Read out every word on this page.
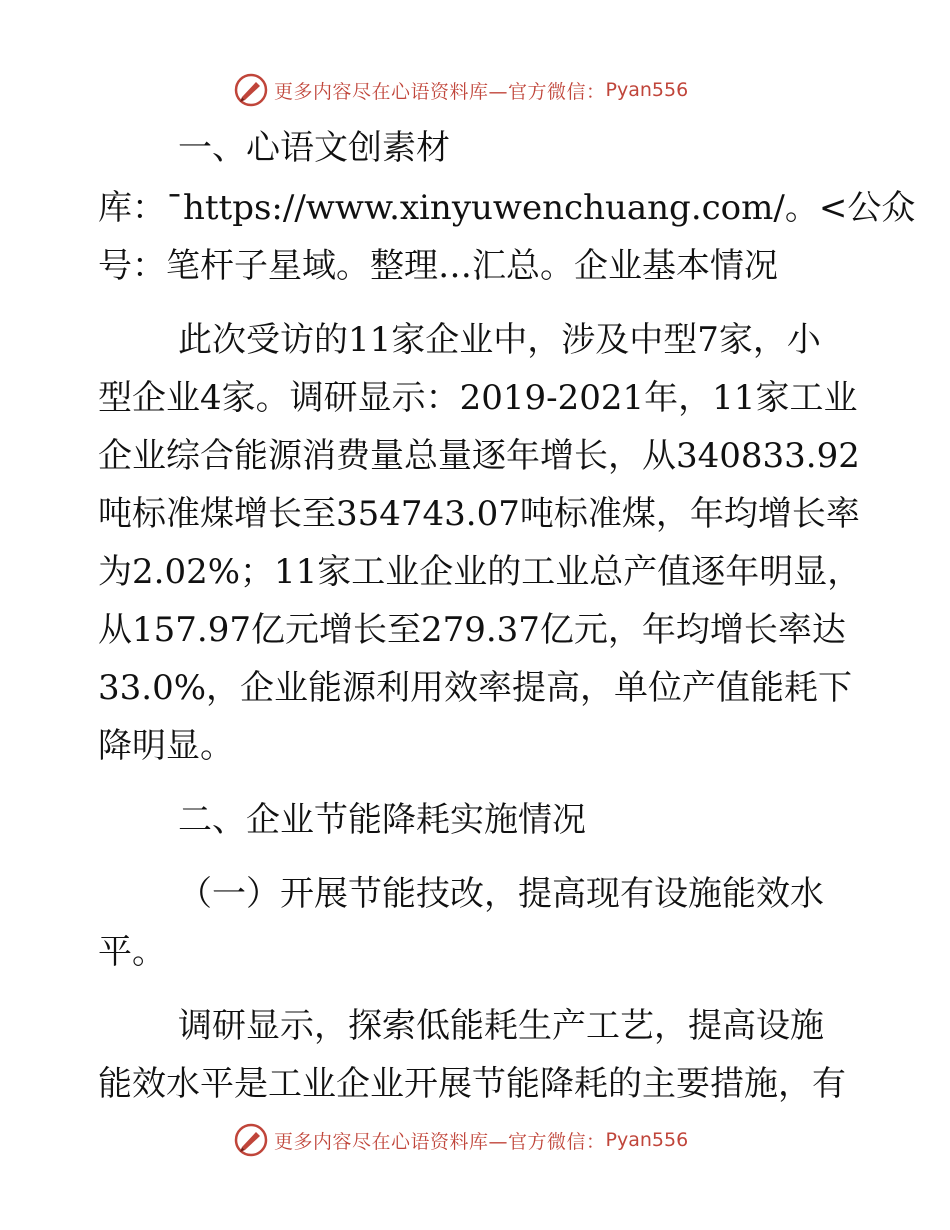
更多内容尽在心语资料库—官方微信： Pyan556
一、心语文创素材
库：¯https://www.xinyuwenchuang.com/。<公众
号：笔杆子星域。整理…汇总。企业基本情况
此次受访的11家企业中，涉及中型7家，小
型企业4家。调研显示：2019-2021年，11家工业
企业综合能源消费量总量逐年增长，从340833.92
吨标准煤增长至354743.07吨标准煤，年均增长率
为2.02%；11家工业企业的工业总产值逐年明显，
从157.97亿元增长至279.37亿元，年均增长率达
33.0%，企业能源利用效率提高，单位产值能耗下
降明显。
二、企业节能降耗实施情况
（一）开展节能技改，提高现有设施能效水
平。
调研显示，探索低能耗生产工艺，提高设施
能效水平是工业企业开展节能降耗的主要措施，有
更多内容尽在心语资料库—官方微信： Pyan556
